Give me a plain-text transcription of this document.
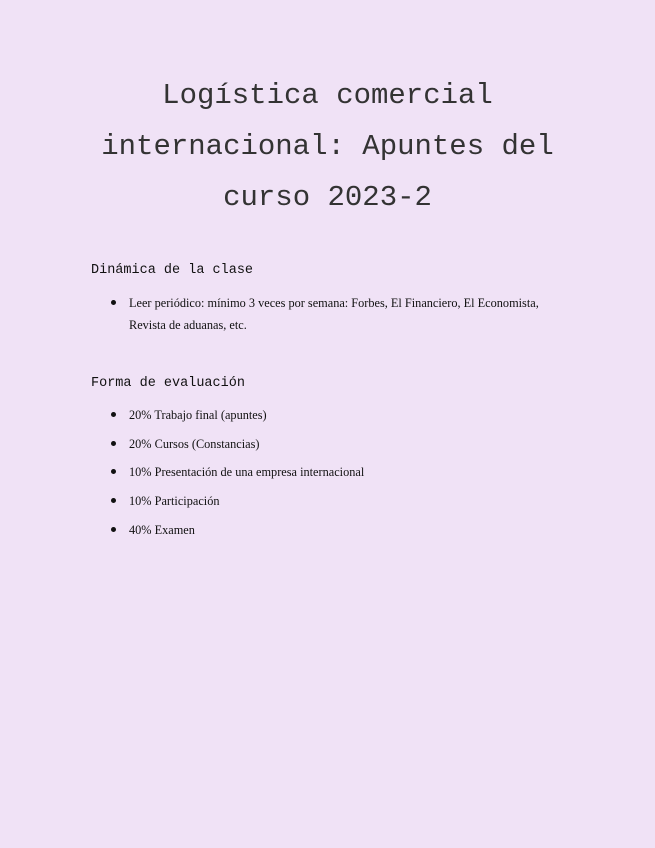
Logística comercial internacional: Apuntes del curso 2023-2
Dinámica de la clase
Leer periódico: mínimo 3 veces por semana: Forbes, El Financiero, El Economista, Revista de aduanas, etc.
Forma de evaluación
20% Trabajo final (apuntes)
20% Cursos (Constancias)
10% Presentación de una empresa internacional
10% Participación
40% Examen
